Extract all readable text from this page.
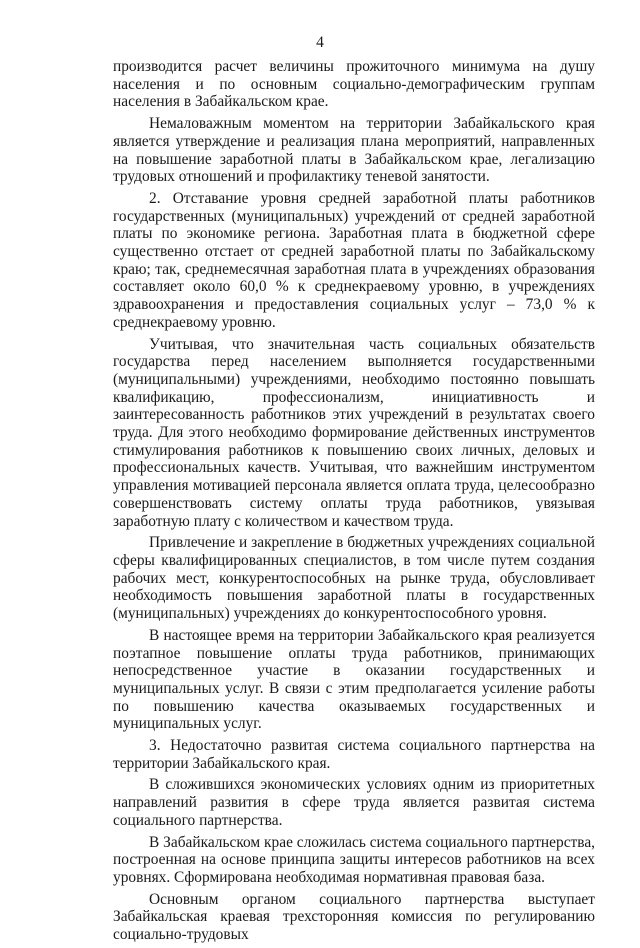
4

производится расчет величины прожиточного минимума на душу населения и по основным социально-демографическим группам населения в Забайкальском крае.

Немаловажным моментом на территории Забайкальского края является утверждение и реализация плана мероприятий, направленных на повышение заработной платы в Забайкальском крае, легализацию трудовых отношений и профилактику теневой занятости.

2. Отставание уровня средней заработной платы работников государственных (муниципальных) учреждений от средней заработной платы по экономике региона. Заработная плата в бюджетной сфере существенно отстает от средней заработной платы по Забайкальскому краю; так, среднемесячная заработная плата в учреждениях образования составляет около 60,0 % к среднекраевому уровню, в учреждениях здравоохранения и предоставления социальных услуг – 73,0 % к среднекраевому уровню.

Учитывая, что значительная часть социальных обязательств государства перед населением выполняется государственными (муниципальными) учреждениями, необходимо постоянно повышать квалификацию, профессионализм, инициативность и заинтересованность работников этих учреждений в результатах своего труда. Для этого необходимо формирование действенных инструментов стимулирования работников к повышению своих личных, деловых и профессиональных качеств. Учитывая, что важнейшим инструментом управления мотивацией персонала является оплата труда, целесообразно совершенствовать систему оплаты труда работников, увязывая заработную плату с количеством и качеством труда.

Привлечение и закрепление в бюджетных учреждениях социальной сферы квалифицированных специалистов, в том числе путем создания рабочих мест, конкурентоспособных на рынке труда, обусловливает необходимость повышения заработной платы в государственных (муниципальных) учреждениях до конкурентоспособного уровня.

В настоящее время на территории Забайкальского края реализуется поэтапное повышение оплаты труда работников, принимающих непосредственное участие в оказании государственных и муниципальных услуг. В связи с этим предполагается усиление работы по повышению качества оказываемых государственных и муниципальных услуг.

3. Недостаточно развитая система социального партнерства на территории Забайкальского края.

В сложившихся экономических условиях одним из приоритетных направлений развития в сфере труда является развитая система социального партнерства.

В Забайкальском крае сложилась система социального партнерства, построенная на основе принципа защиты интересов работников на всех уровнях. Сформирована необходимая нормативная правовая база.

Основным органом социального партнерства выступает Забайкальская краевая трехсторонняя комиссия по регулированию социально-трудовых
